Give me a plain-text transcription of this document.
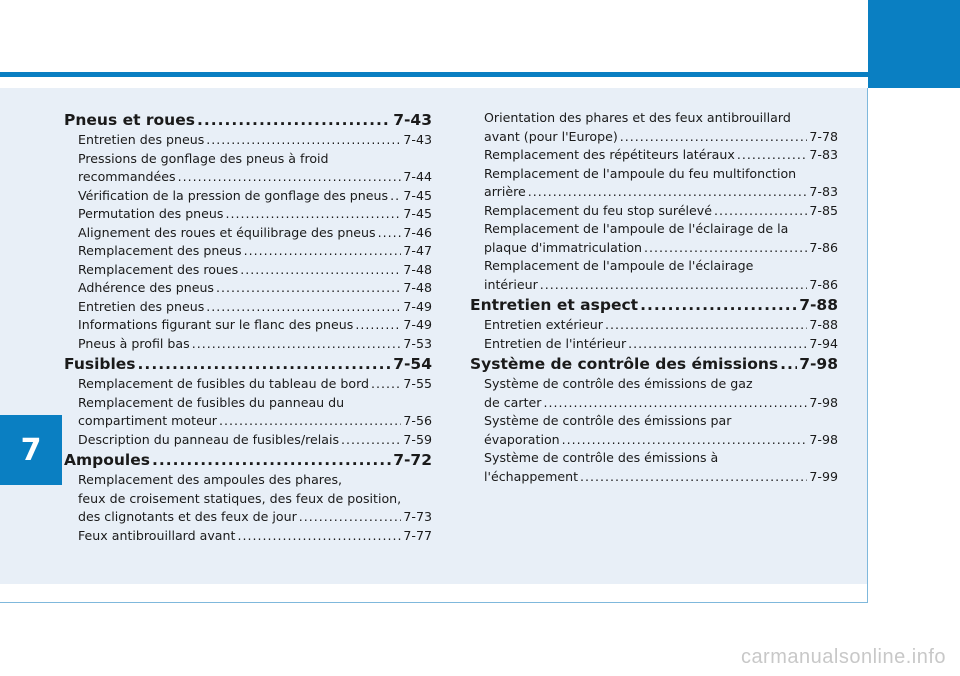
7
Pneus et roues .....	7-43
Entretien des pneus .....	7-43
Pressions de gonflage des pneus à froid
recommandées .....	7-44
Vérification de la pression de gonflage des pneus ..... 7-45
Permutation des pneus .....	7-45
Alignement des roues et équilibrage des pneus ..... 7-46
Remplacement des pneus .....	7-47
Remplacement des roues .....	7-48
Adhérence des pneus .....	7-48
Entretien des pneus .....	7-49
Informations figurant sur le flanc des pneus .....	7-49
Pneus à profil bas .....	7-53
Fusibles .....	7-54
Remplacement de fusibles du tableau de bord .....	7-55
Remplacement de fusibles du panneau du
compartiment moteur .....	7-56
Description du panneau de fusibles/relais .....	7-59
Ampoules .....	7-72
Remplacement des ampoules des phares,
feux de croisement statiques, des feux de position,
des clignotants et des feux de jour .....	7-73
Feux antibrouillard avant .....	7-77
Orientation des phares et des feux antibrouillard
avant (pour l'Europe) .....	7-78
Remplacement des répétiteurs latéraux .....	7-83
Remplacement de l'ampoule du feu multifonction
arrière .....	7-83
Remplacement du feu stop surélevé .....	7-85
Remplacement de l'ampoule de l'éclairage de la
plaque d'immatriculation .....	7-86
Remplacement de l'ampoule de l'éclairage
intérieur .....	7-86
Entretien et aspect .....	7-88
Entretien extérieur .....	7-88
Entretien de l'intérieur .....	7-94
Système de contrôle des émissions ..... 7-98
Système de contrôle des émissions de gaz
de carter .....	7-98
Système de contrôle des émissions par
évaporation .....	7-98
Système de contrôle des émissions à
l'échappement .....	7-99
carmanualsonline.info
